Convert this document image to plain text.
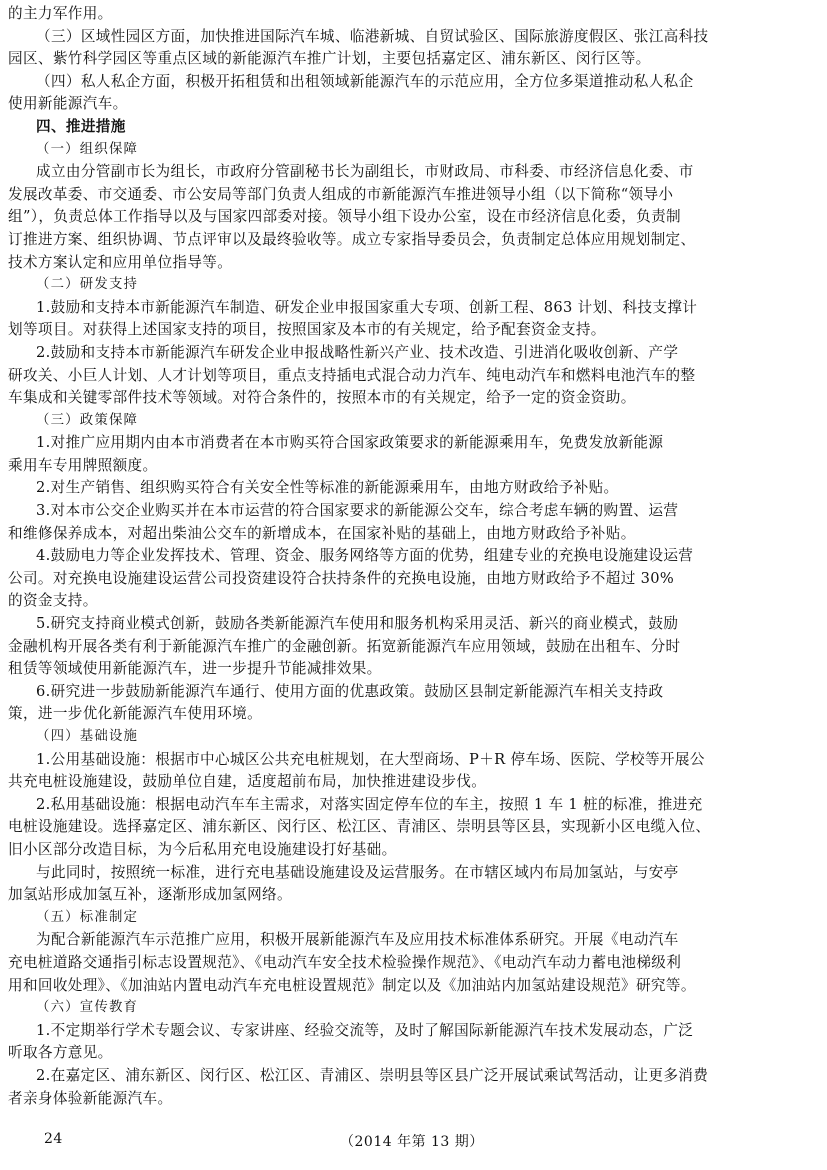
的主力军作用。
（三）区域性园区方面，加快推进国际汽车城、临港新城、自贸试验区、国际旅游度假区、张江高科技
园区、紫竹科学园区等重点区域的新能源汽车推广计划，主要包括嘉定区、浦东新区、闵行区等。
（四）私人私企方面，积极开拓租赁和出租领域新能源汽车的示范应用，全方位多渠道推动私人私企
使用新能源汽车。
四、推进措施
（一）组织保障
成立由分管副市长为组长，市政府分管副秘书长为副组长，市财政局、市科委、市经济信息化委、市
发展改革委、市交通委、市公安局等部门负责人组成的市新能源汽车推进领导小组（以下简称“领导小
组”），负责总体工作指导以及与国家四部委对接。领导小组下设办公室，设在市经济信息化委，负责制
订推进方案、组织协调、节点评审以及最终验收等。成立专家指导委员会，负责制定总体应用规划制定、
技术方案认定和应用单位指导等。
（二）研发支持
1.鼓励和支持本市新能源汽车制造、研发企业申报国家重大专项、创新工程、863 计划、科技支撑计
划等项目。对获得上述国家支持的项目，按照国家及本市的有关规定，给予配套资金支持。
2.鼓励和支持本市新能源汽车研发企业申报战略性新兴产业、技术改造、引进消化吸收创新、产学
研攻关、小巨人计划、人才计划等项目，重点支持插电式混合动力汽车、纯电动汽车和燃料电池汽车的整
车集成和关键零部件技术等领域。对符合条件的，按照本市的有关规定，给予一定的资金资助。
（三）政策保障
1.对推广应用期内由本市消费者在本市购买符合国家政策要求的新能源乘用车，免费发放新能源
乘用车专用牌照额度。
2.对生产销售、组织购买符合有关安全性等标准的新能源乘用车，由地方财政给予补贴。
3.对本市公交企业购买并在本市运营的符合国家要求的新能源公交车，综合考虑车辆的购置、运营
和维修保养成本，对超出柴油公交车的新增成本，在国家补贴的基础上，由地方财政给予补贴。
4.鼓励电力等企业发挥技术、管理、资金、服务网络等方面的优势，组建专业的充换电设施建设运营
公司。对充换电设施建设运营公司投资建设符合扶持条件的充换电设施，由地方财政给予不超过 30%
的资金支持。
5.研究支持商业模式创新，鼓励各类新能源汽车使用和服务机构采用灵活、新兴的商业模式，鼓励
金融机构开展各类有利于新能源汽车推广的金融创新。拓宽新能源汽车应用领域，鼓励在出租车、分时
租赁等领域使用新能源汽车，进一步提升节能减排效果。
6.研究进一步鼓励新能源汽车通行、使用方面的优惠政策。鼓励区县制定新能源汽车相关支持政
策，进一步优化新能源汽车使用环境。
（四）基础设施
1.公用基础设施：根据市中心城区公共充电桩规划，在大型商场、P＋R 停车场、医院、学校等开展公
共充电桩设施建设，鼓励单位自建，适度超前布局，加快推进建设步伐。
2.私用基础设施：根据电动汽车车主需求，对落实固定停车位的车主，按照 1 车 1 桩的标准，推进充
电桩设施建设。选择嘉定区、浦东新区、闵行区、松江区、青浦区、崇明县等区县，实现新小区电缆入位、
旧小区部分改造目标，为今后私用充电设施建设打好基础。
与此同时，按照统一标准，进行充电基础设施建设及运营服务。在市辖区域内布局加氢站，与安亭
加氢站形成加氢互补，逐渐形成加氢网络。
（五）标准制定
为配合新能源汽车示范推广应用，积极开展新能源汽车及应用技术标准体系研究。开展《电动汽车
充电桩道路交通指引标志设置规范》、《电动汽车安全技术检验操作规范》、《电动汽车动力蓄电池梯级利
用和回收处理》、《加油站内置电动汽车充电桩设置规范》制定以及《加油站内加氢站建设规范》研究等。
（六）宣传教育
1.不定期举行学术专题会议、专家讲座、经验交流等，及时了解国际新能源汽车技术发展动态，广泛
听取各方意见。
2.在嘉定区、浦东新区、闵行区、松江区、青浦区、崇明县等区县广泛开展试乘试驾活动，让更多消费
者亲身体验新能源汽车。
24	（2014 年第 13 期）
